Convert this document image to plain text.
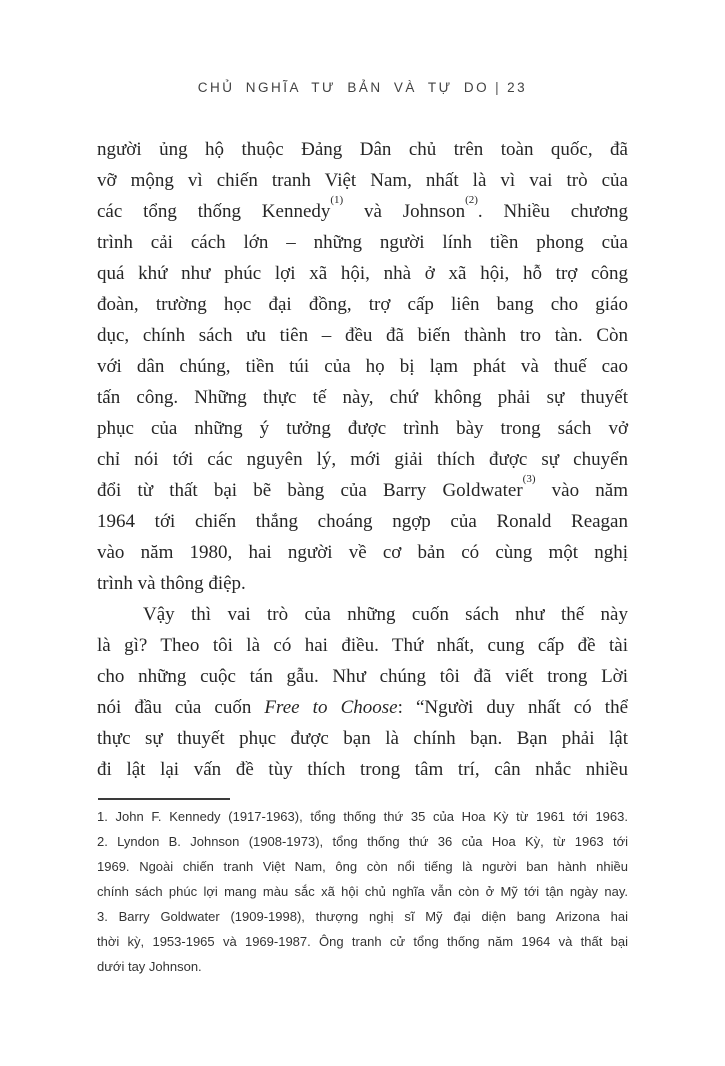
CHỦ NGHĨA TƯ BẢN VÀ TỰ DO | 23
người ủng hộ thuộc Đảng Dân chủ trên toàn quốc, đã
vỡ mộng vì chiến tranh Việt Nam, nhất là vì vai trò của
các tổng thống Kennedy$^{(1)}$ và Johnson$^{(2)}$. Nhiều chương
trình cải cách lớn – những người lính tiền phong của
quá khứ như phúc lợi xã hội, nhà ở xã hội, hỗ trợ công
đoàn, trường học đại đồng, trợ cấp liên bang cho giáo
dục, chính sách ưu tiên – đều đã biến thành tro tàn. Còn
với dân chúng, tiền túi của họ bị lạm phát và thuế cao
tấn công. Những thực tế này, chứ không phải sự thuyết
phục của những ý tưởng được trình bày trong sách vở
chỉ nói tới các nguyên lý, mới giải thích được sự chuyển
đổi từ thất bại bẽ bàng của Barry Goldwater$^{(3)}$ vào năm
1964 tới chiến thắng choáng ngợp của Ronald Reagan
vào năm 1980, hai người về cơ bản có cùng một nghị
trình và thông điệp.
Vậy thì vai trò của những cuốn sách như thế này
là gì? Theo tôi là có hai điều. Thứ nhất, cung cấp đề tài
cho những cuộc tán gẫu. Như chúng tôi đã viết trong Lời
nói đầu của cuốn Free to Choose: “Người duy nhất có thể
thực sự thuyết phục được bạn là chính bạn. Bạn phải lật
đi lật lại vấn đề tùy thích trong tâm trí, cân nhắc nhiều
1. John F. Kennedy (1917-1963), tổng thống thứ 35 của Hoa Kỳ từ 1961 tới 1963.
2. Lyndon B. Johnson (1908-1973), tổng thống thứ 36 của Hoa Kỳ, từ 1963 tới
1969. Ngoài chiến tranh Việt Nam, ông còn nổi tiếng là người ban hành nhiều
chính sách phúc lợi mang màu sắc xã hội chủ nghĩa vẫn còn ở Mỹ tới tận ngày nay.
3. Barry Goldwater (1909-1998), thượng nghị sĩ Mỹ đại diện bang Arizona hai
thời kỳ, 1953-1965 và 1969-1987. Ông tranh cử tổng thống năm 1964 và thất bại
dưới tay Johnson.
